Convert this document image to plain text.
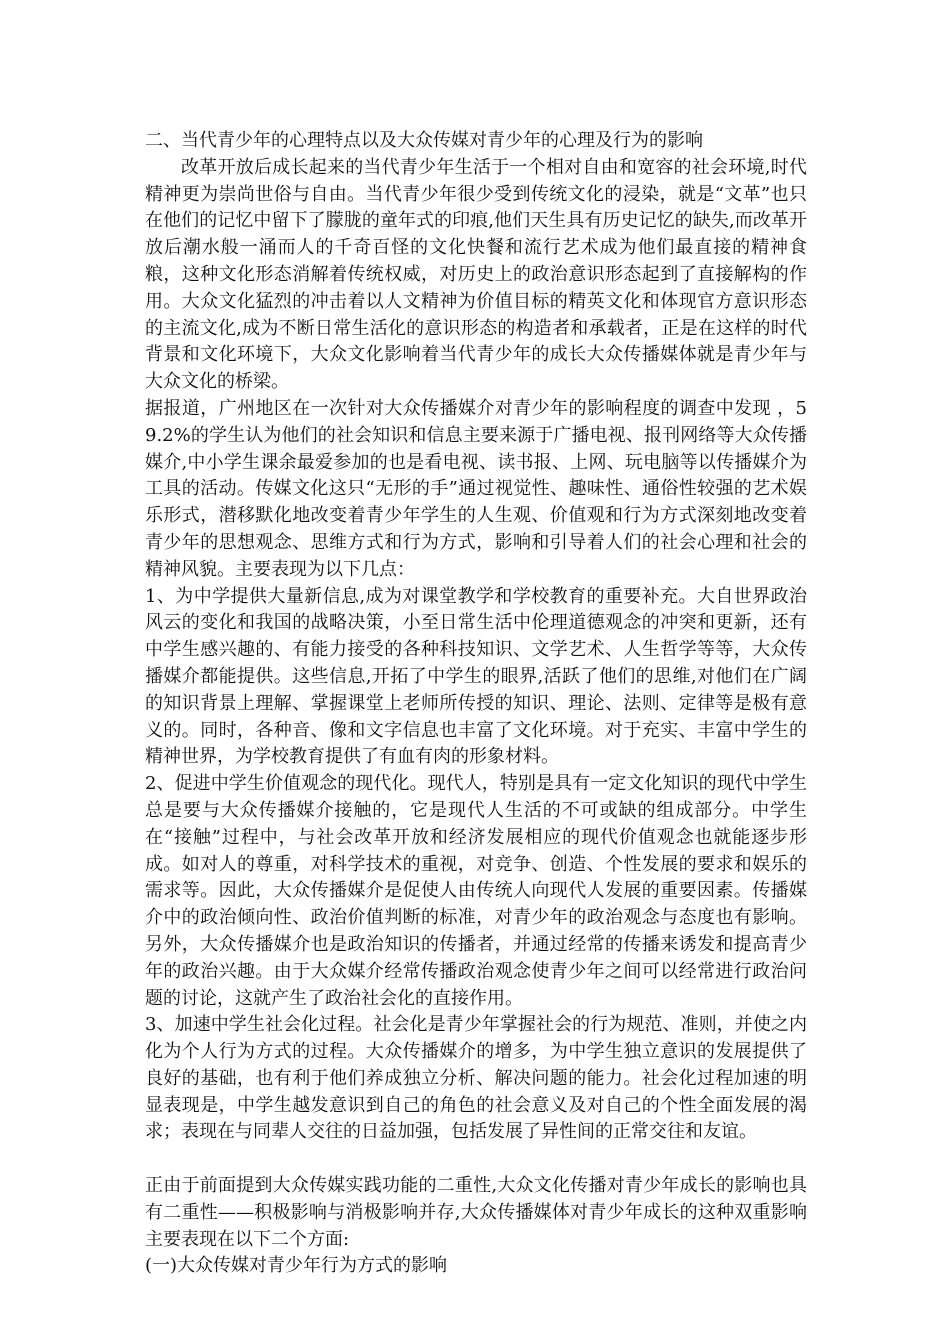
二、当代青少年的心理特点以及大众传媒对青少年的心理及行为的影响

改革开放后成长起来的当代青少年生活于一个相对自由和宽容的社会环境,时代精神更为崇尚世俗与自由。当代青少年很少受到传统文化的浸染，就是“文革”也只在他们的记忆中留下了朦胧的童年式的印痕,他们天生具有历史记忆的缺失,而改革开放后潮水般一涌而人的千奇百怪的文化快餐和流行艺术成为他们最直接的精神食粮，这种文化形态消解着传统权威，对历史上的政治意识形态起到了直接解构的作用。大众文化猛烈的冲击着以人文精神为价值目标的精英文化和体现官方意识形态的主流文化,成为不断日常生活化的意识形态的构造者和承载者，正是在这样的时代背景和文化环境下，大众文化影响着当代青少年的成长大众传播媒体就是青少年与大众文化的桥梁。

据报道，广州地区在一次针对大众传播媒介对青少年的影响程度的调查中发现 ，59.2%的学生认为他们的社会知识和信息主要来源于广播电视、报刊网络等大众传播媒介,中小学生课余最爱参加的也是看电视、读书报、上网、玩电脑等以传播媒介为工具的活动。传媒文化这只“无形的手”通过视觉性、趣味性、通俗性较强的艺术娱乐形式，潜移默化地改变着青少年学生的人生观、价值观和行为方式深刻地改变着青少年的思想观念、思维方式和行为方式，影响和引导着人们的社会心理和社会的精神风貌。主要表现为以下几点：

1、为中学提供大量新信息,成为对课堂教学和学校教育的重要补充。大自世界政治风云的变化和我国的战略决策，小至日常生活中伦理道德观念的冲突和更新，还有中学生感兴趣的、有能力接受的各种科技知识、文学艺术、人生哲学等等，大众传播媒介都能提供。这些信息,开拓了中学生的眼界,活跃了他们的思维,对他们在广阔的知识背景上理解、掌握课堂上老师所传授的知识、理论、法则、定律等是极有意义的。同时，各种音、像和文字信息也丰富了文化环境。对于充实、丰富中学生的精神世界，为学校教育提供了有血有肉的形象材料。

2、促进中学生价值观念的现代化。现代人，特别是具有一定文化知识的现代中学生总是要与大众传播媒介接触的，它是现代人生活的不可或缺的组成部分。中学生在“接触”过程中，与社会改革开放和经济发展相应的现代价值观念也就能逐步形成。如对人的尊重，对科学技术的重视，对竞争、创造、个性发展的要求和娱乐的需求等。因此，大众传播媒介是促使人由传统人向现代人发展的重要因素。传播媒介中的政治倾向性、政治价值判断的标准，对青少年的政治观念与态度也有影响。另外，大众传播媒介也是政治知识的传播者，并通过经常的传播来诱发和提高青少年的政治兴趣。由于大众媒介经常传播政治观念使青少年之间可以经常进行政治问题的讨论，这就产生了政治社会化的直接作用。

3、加速中学生社会化过程。社会化是青少年掌握社会的行为规范、准则，并使之内化为个人行为方式的过程。大众传播媒介的增多，为中学生独立意识的发展提供了良好的基础，也有利于他们养成独立分析、解决问题的能力。社会化过程加速的明显表现是，中学生越发意识到自己的角色的社会意义及对自己的个性全面发展的渴求；表现在与同辈人交往的日益加强，包括发展了异性间的正常交往和友谊。

正由于前面提到大众传媒实践功能的二重性,大众文化传播对青少年成长的影响也具有二重性——积极影响与消极影响并存,大众传播媒体对青少年成长的这种双重影响主要表现在以下二个方面:

(一)大众传媒对青少年行为方式的影响
